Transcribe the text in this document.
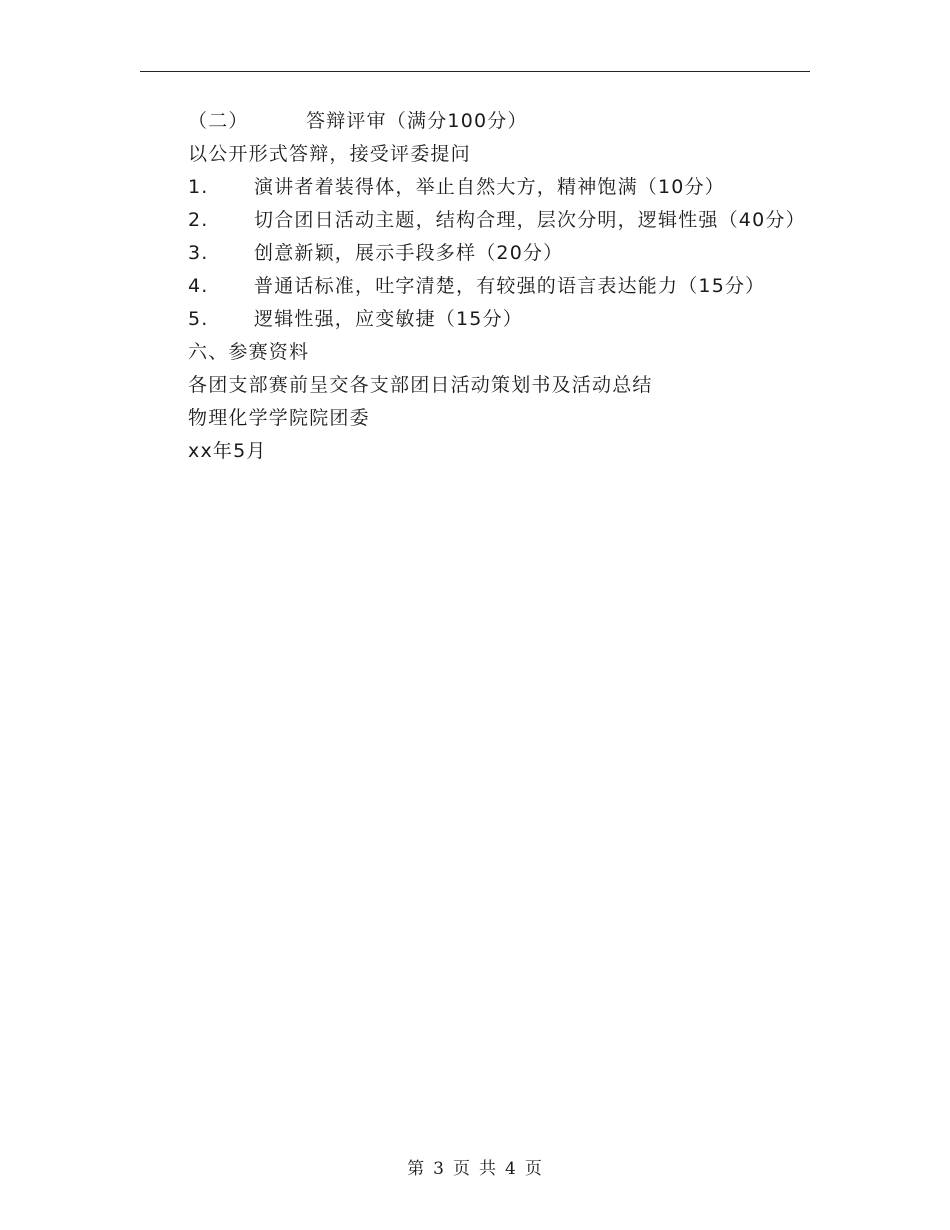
（二）	答辩评审（满分100分）
以公开形式答辩，接受评委提问
1. 演讲者着装得体，举止自然大方，精神饱满（10分）
2. 切合团日活动主题，结构合理，层次分明，逻辑性强（40分）
3. 创意新颖，展示手段多样（20分）
4. 普通话标准，吐字清楚，有较强的语言表达能力（15分）
5. 逻辑性强，应变敏捷（15分）
六、参赛资料
各团支部赛前呈交各支部团日活动策划书及活动总结
物理化学学院院团委
xx年5月
第 3 页 共 4 页
